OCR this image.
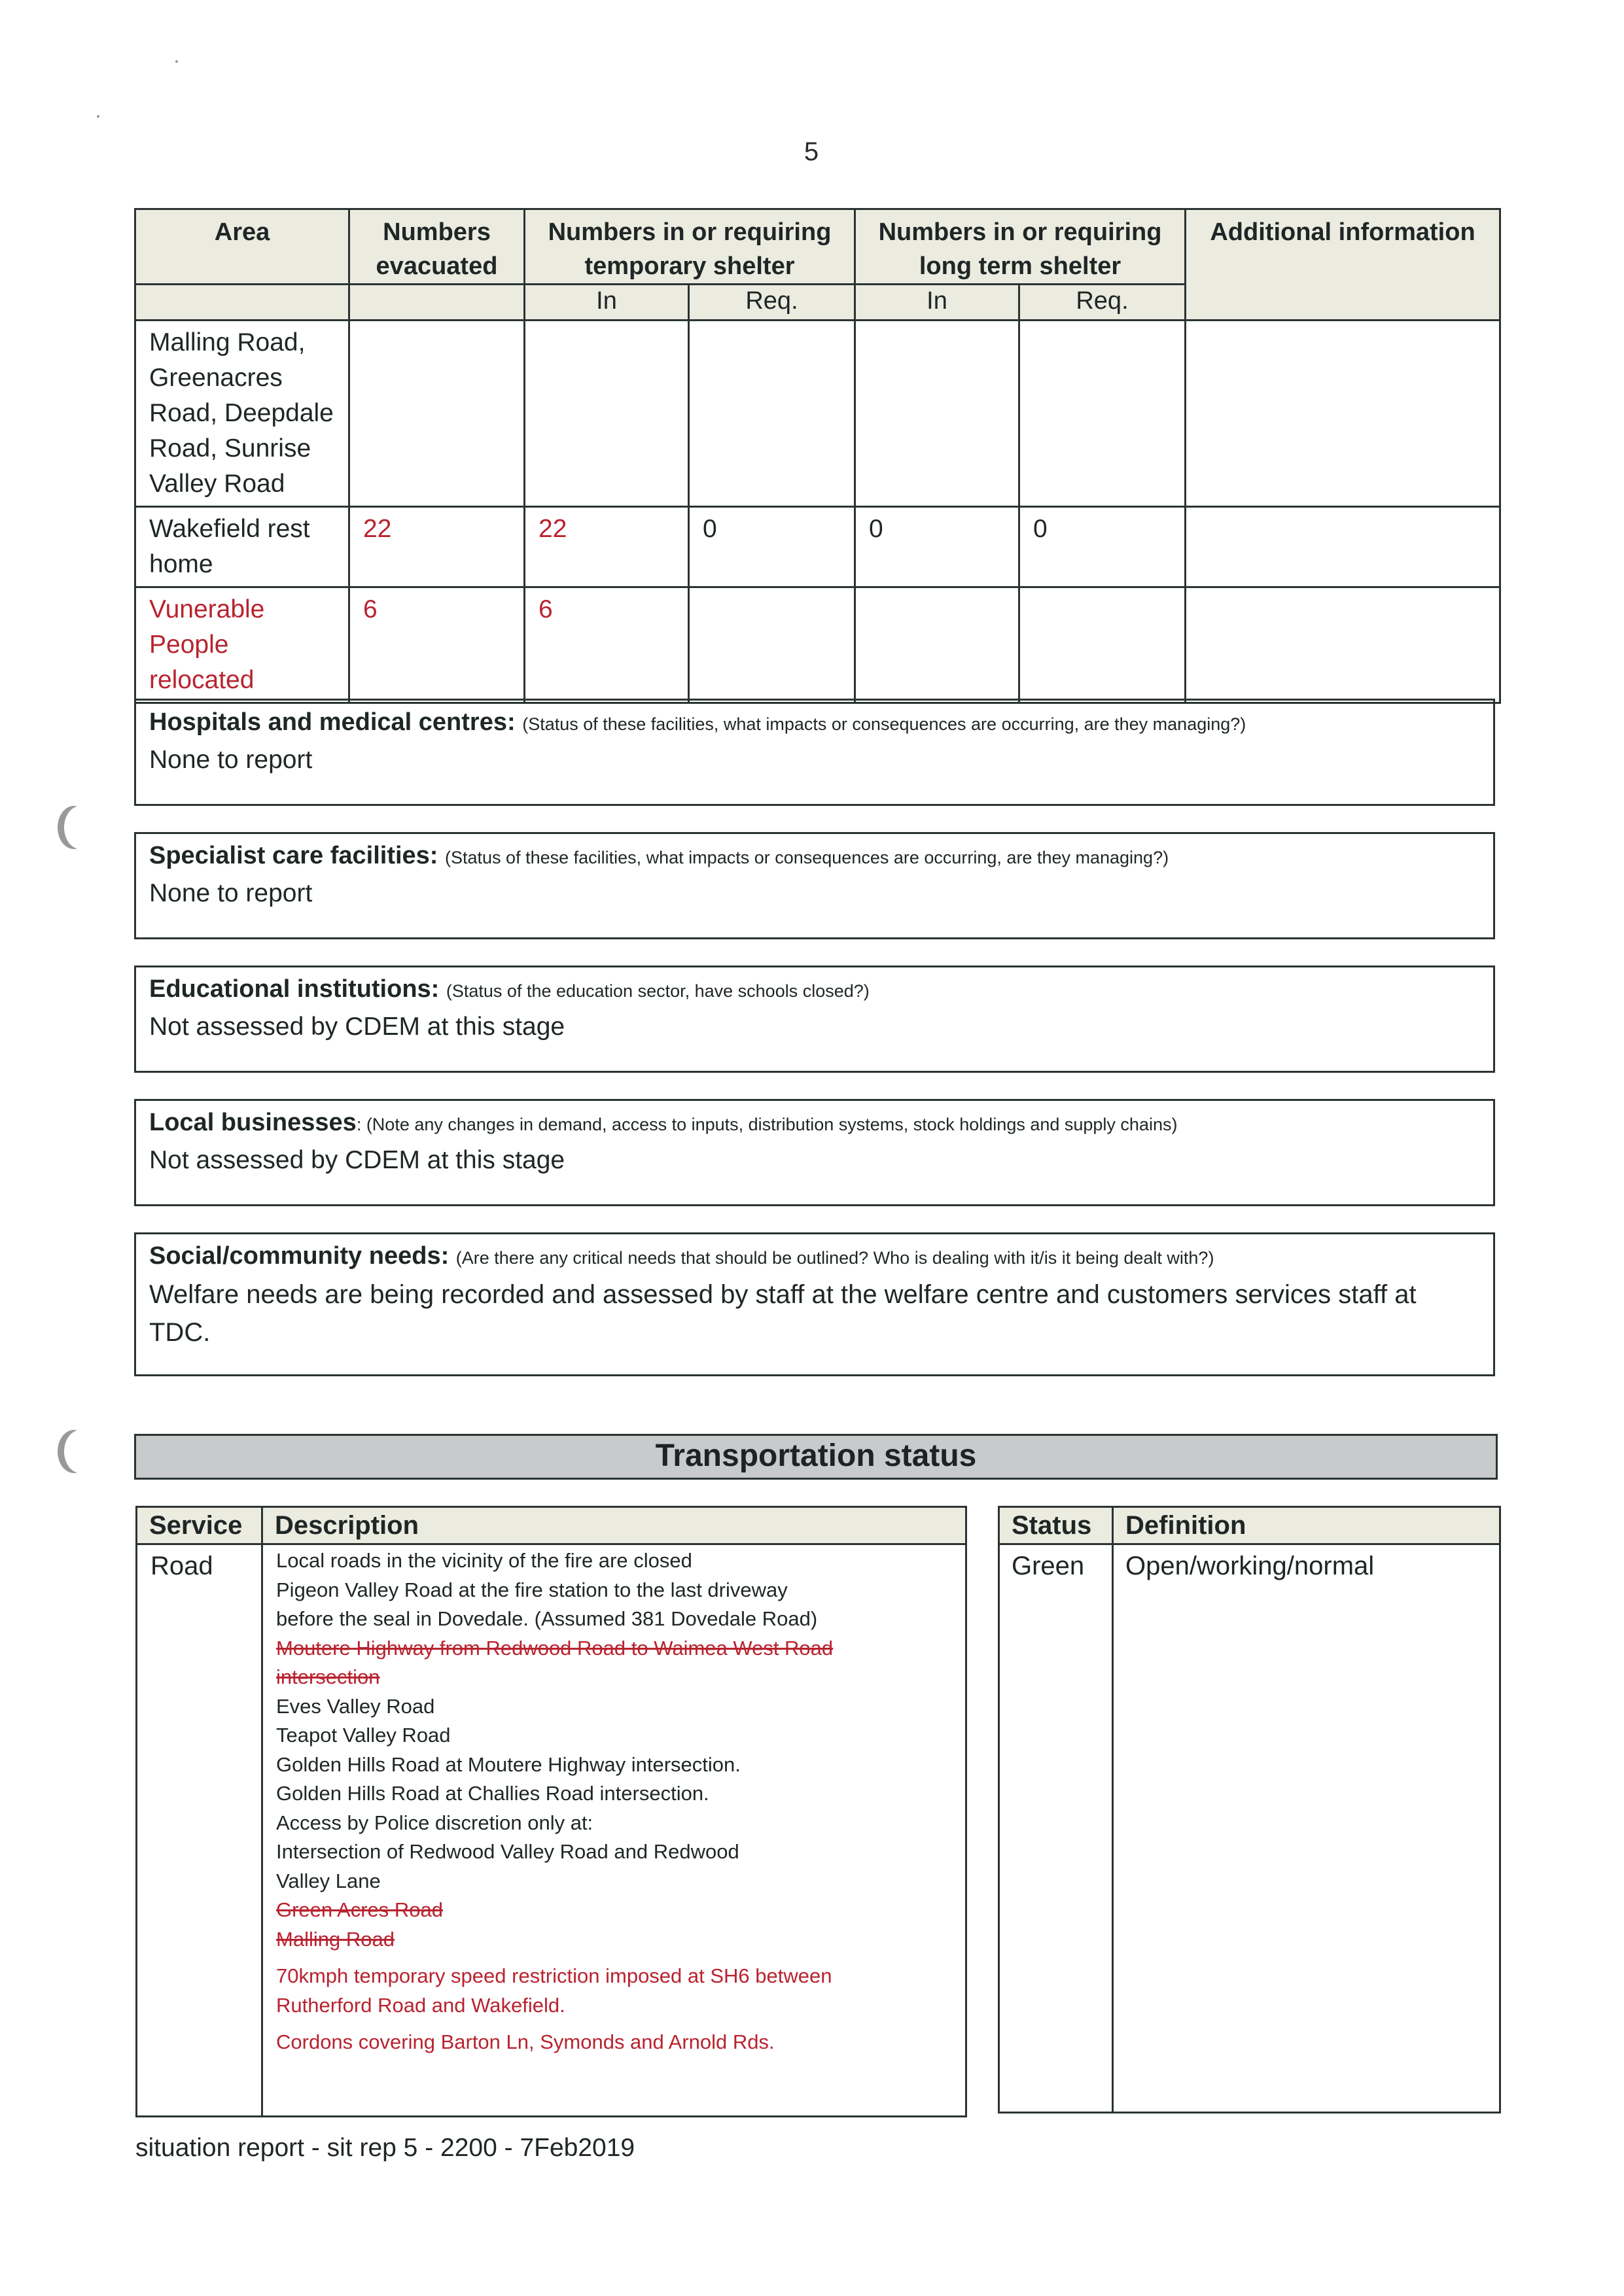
5
Area	Numbers evacuated	Numbers in or requiring temporary shelter		Numbers in or requiring long term shelter		Additional information

		In	Req.	In	Req.	
Malling Road, Greenacres Road, Deepdale Road, Sunrise Valley Road						
Wakefield rest home	22	22	0	0	0	
Vunerable People relocated	6	6				
Hospitals and medical centres: (Status of these facilities, what impacts or consequences are occurring, are they managing?)
None to report
Specialist care facilities: (Status of these facilities, what impacts or consequences are occurring, are they managing?)
None to report
Educational institutions: (Status of the education sector, have schools closed?)
Not assessed by CDEM at this stage
Local businesses: (Note any changes in demand, access to inputs, distribution systems, stock holdings and supply chains)
Not assessed by CDEM at this stage
Social/community needs: (Are there any critical needs that should be outlined? Who is dealing with it/is it being dealt with?)
Welfare needs are being recorded and assessed by staff at the welfare centre and customers services staff at TDC.
Transportation status
Service	Description
Road	Local roads in the vicinity of the fire are closed
Pigeon Valley Road at the fire station to the last driveway
before the seal in Dovedale. (Assumed 381 Dovedale Road)
Moutere Highway from Redwood Road to Waimea West Road
intersection
Eves Valley Road
Teapot Valley Road
Golden Hills Road at Moutere Highway intersection.
Golden Hills Road at Challies Road intersection.
Access by Police discretion only at:
Intersection of Redwood Valley Road and Redwood
Valley Lane
Green Acres Road
Malling Road
70kmph temporary speed restriction imposed at SH6 between
Rutherford Road and Wakefield.
Cordons covering Barton Ln, Symonds and Arnold Rds.
Status	Definition
Green	Open/working/normal
situation report - sit rep 5 - 2200 - 7Feb2019
